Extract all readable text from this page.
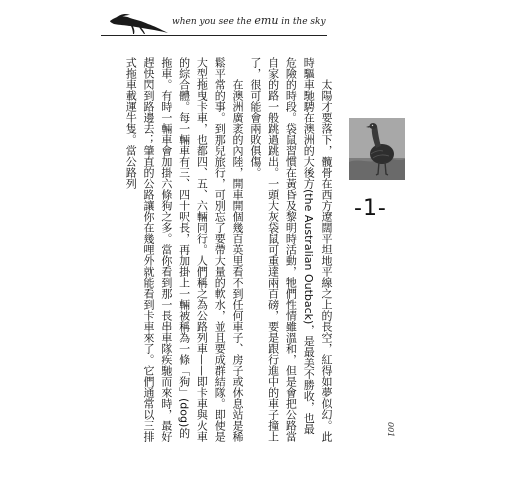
when you see the emu in the sky
-1-

　　太陽才要落下，髖骨在西方遼闊平坦地平線之上的長空，紅得如夢似幻。此時驅車馳騁在澳洲的大後方(the Australian Outback)，是最美不勝收，也最危險的時段。袋鼠習慣在黃昏及黎明時活動，牠們性情雖溫和，但是會把公路當自家的路一般跳過跳出。一頭大灰袋鼠可重達兩百磅，要是跟行進中的車子撞上了，很可能會兩敗俱傷。

　　在澳洲廣袤的內陸，開車開個幾百英里看不到任何車子、房子或休息站是稀鬆平常的事。到那兒旅行，可別忘了要帶大量的軟水，並且要成群結隊。即使是大型拖曳卡車，也都四、五、六輛同行。人們稱之為公路列車——即卡車與火車的綜合體。每一輛車有三、四十呎長，再加掛上一輛被稱為一條「狗」(dog)的拖車。有時一輛車會加掛六條狗之多。當你看到那一長串車隊疾馳而來時，最好趕快閃到路邊去；肇直的公路讓你在幾哩外就能看到卡車來了。它們通常以三排式拖車載運牛隻。當公路列

001
